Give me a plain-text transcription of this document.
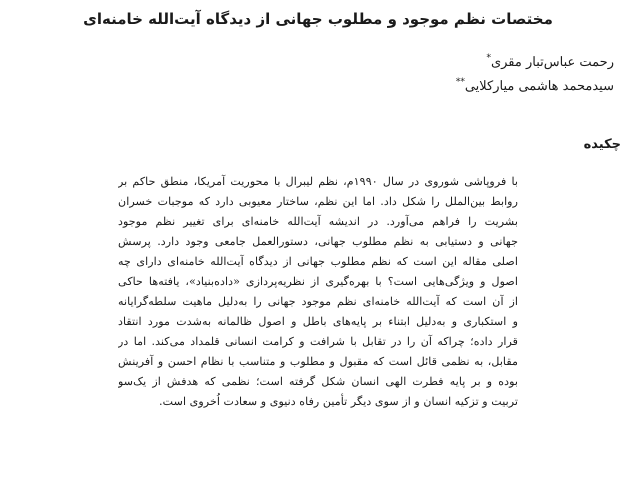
مختصات نظم موجود و مطلوب جهانی از دیدگاه آیت‌الله خامنه‌ای
رحمت عباس‌تبار مقری*
سیدمحمد هاشمی میارکلایی**
چکیده
با فروپاشی شوروی در سال ۱۹۹۰م، نظم لیبرال با محوریت آمریکا، منطق حاکم بر
روابط بین‌الملل را شکل داد. اما این نظم، ساختار معیوبی دارد که موجبات خسران
بشریت را فراهم می‌آورد. در اندیشه آیت‌الله خامنه‌ای برای تغییر نظم موجود
جهانی و دستیابی به نظم مطلوب جهانی، دستورالعمل جامعی وجود دارد. پرسش
اصلی مقاله این است که نظم مطلوب جهانی از دیدگاه آیت‌الله خامنه‌ای دارای چه
اصول و ویژگی‌هایی است؟ با بهره‌گیری از نظریه‌پردازی «داده‌بنیاد»، یافته‌ها حاکی
از آن است که آیت‌الله خامنه‌ای نظم موجود جهانی را به‌دلیل ماهیت سلطه‌گرایانه
و استکباری و به‌دلیل ابتناء بر پایه‌های باطل و اصول ظالمانه به‌شدت مورد انتقاد
قرار داده؛ چراکه آن را در تقابل با شرافت و کرامت انسانی قلمداد می‌کند. اما در
مقابل، به نظمی قائل است که مقبول و مطلوب و متناسب با نظام احسن و آفرینش
بوده و بر پایه فطرت الهی انسان شکل گرفته است؛ نظمی که هدفش از یک‌سو
تربیت و تزکیه انسان و از سوی دیگر تأمین رفاه دنیوی و سعادت اُخروی است.
